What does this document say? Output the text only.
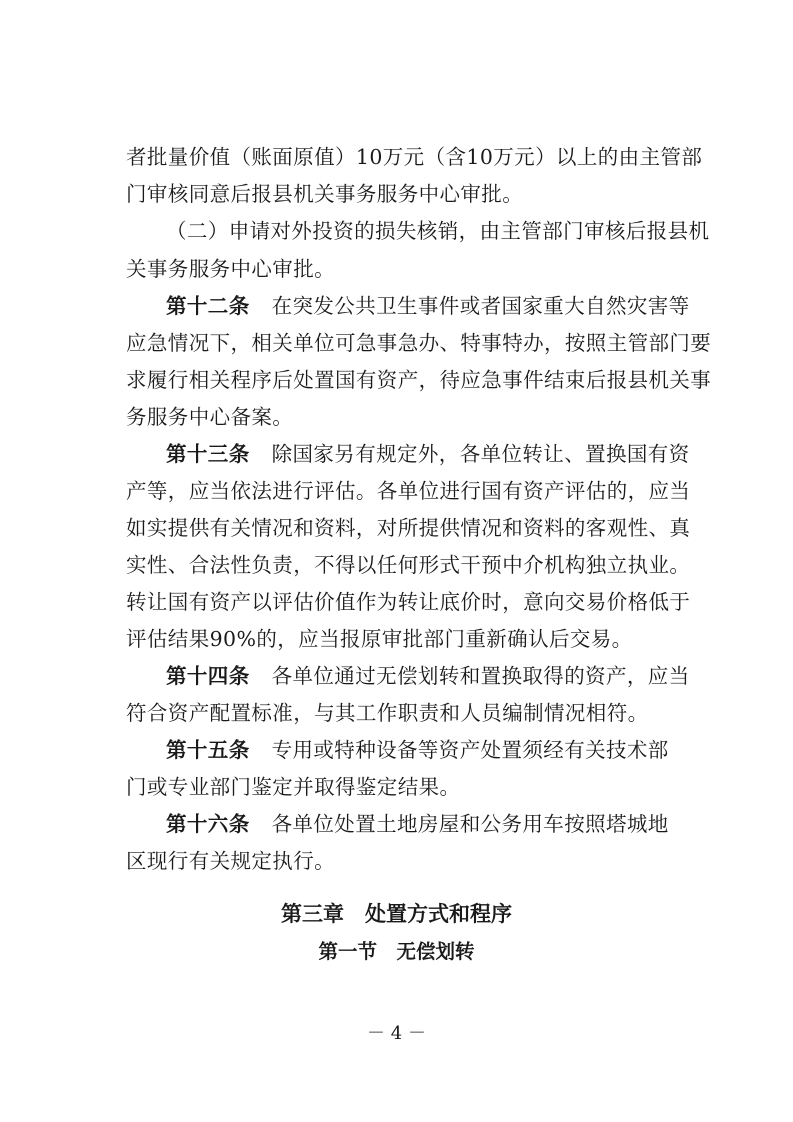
者批量价值（账面原值）10万元（含10万元）以上的由主管部
门审核同意后报县机关事务服务中心审批。
（二）申请对外投资的损失核销，由主管部门审核后报县机
关事务服务中心审批。
第十二条 在突发公共卫生事件或者国家重大自然灾害等
应急情况下，相关单位可急事急办、特事特办，按照主管部门要
求履行相关程序后处置国有资产，待应急事件结束后报县机关事
务服务中心备案。
第十三条 除国家另有规定外，各单位转让、置换国有资
产等，应当依法进行评估。各单位进行国有资产评估的，应当
如实提供有关情况和资料，对所提供情况和资料的客观性、真
实性、合法性负责，不得以任何形式干预中介机构独立执业。
转让国有资产以评估价值作为转让底价时，意向交易价格低于
评估结果90%的，应当报原审批部门重新确认后交易。
第十四条 各单位通过无偿划转和置换取得的资产，应当
符合资产配置标准，与其工作职责和人员编制情况相符。
第十五条 专用或特种设备等资产处置须经有关技术部
门或专业部门鉴定并取得鉴定结果。
第十六条 各单位处置土地房屋和公务用车按照塔城地
区现行有关规定执行。
第三章　处置方式和程序
第一节　无偿划转
－ 4 －
